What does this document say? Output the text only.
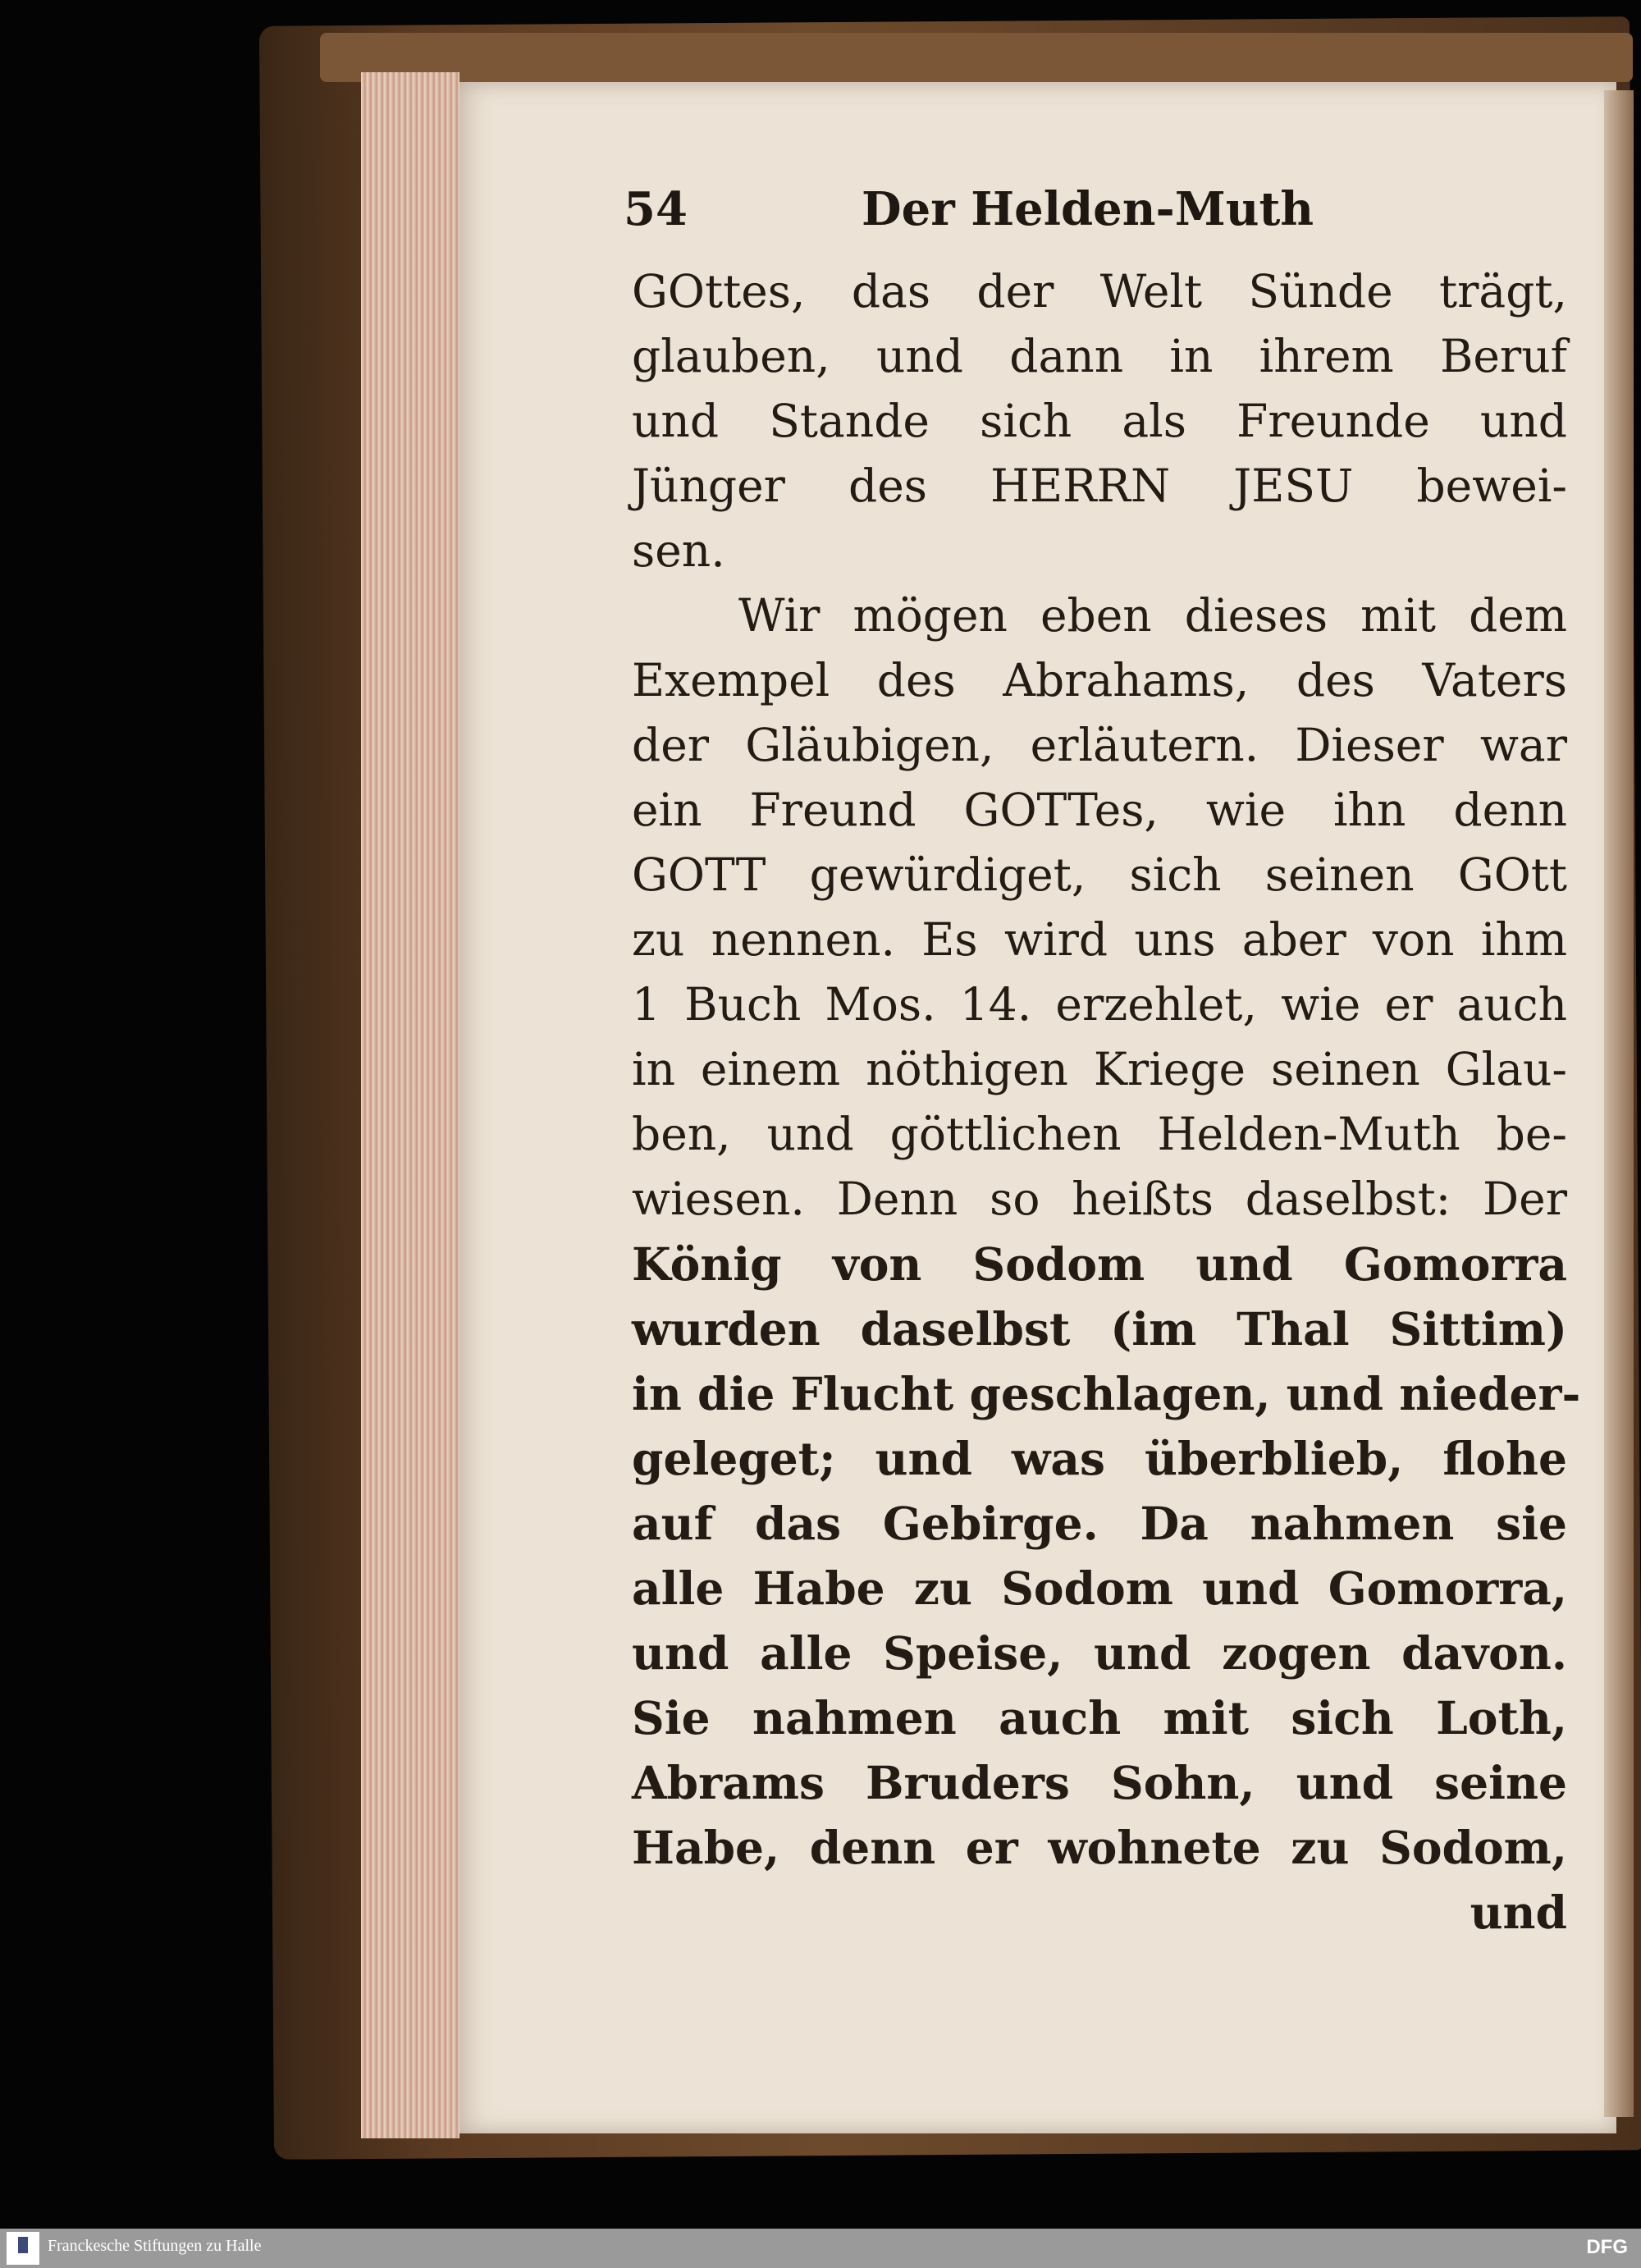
54	Der Helden-Muth
GOttes, das der Welt Sünde trägt,
glauben, und dann in ihrem Beruf
und Stande sich als Freunde und
Jünger des HERRN JESU bewei-
sen.
Wir mögen eben dieses mit dem
Exempel des Abrahams, des Vaters
der Gläubigen, erläutern. Dieser war
ein Freund GOTTes, wie ihn denn
GOTT gewürdiget, sich seinen GOtt
zu nennen. Es wird uns aber von ihm
1 Buch Mos. 14. erzehlet, wie er auch
in einem nöthigen Kriege seinen Glau-
ben, und göttlichen Helden-Muth be-
wiesen. Denn so heißts daselbst: Der
König von Sodom und Gomorra
wurden daselbst (im Thal Sittim)
in die Flucht geschlagen, und nieder-
geleget; und was überblieb, flohe
auf das Gebirge. Da nahmen sie
alle Habe zu Sodom und Gomorra,
und alle Speise, und zogen davon.
Sie nahmen auch mit sich Loth,
Abrams Bruders Sohn, und seine
Habe, denn er wohnete zu Sodom,
und
Franckesche Stiftungen zu Halle	DFG
